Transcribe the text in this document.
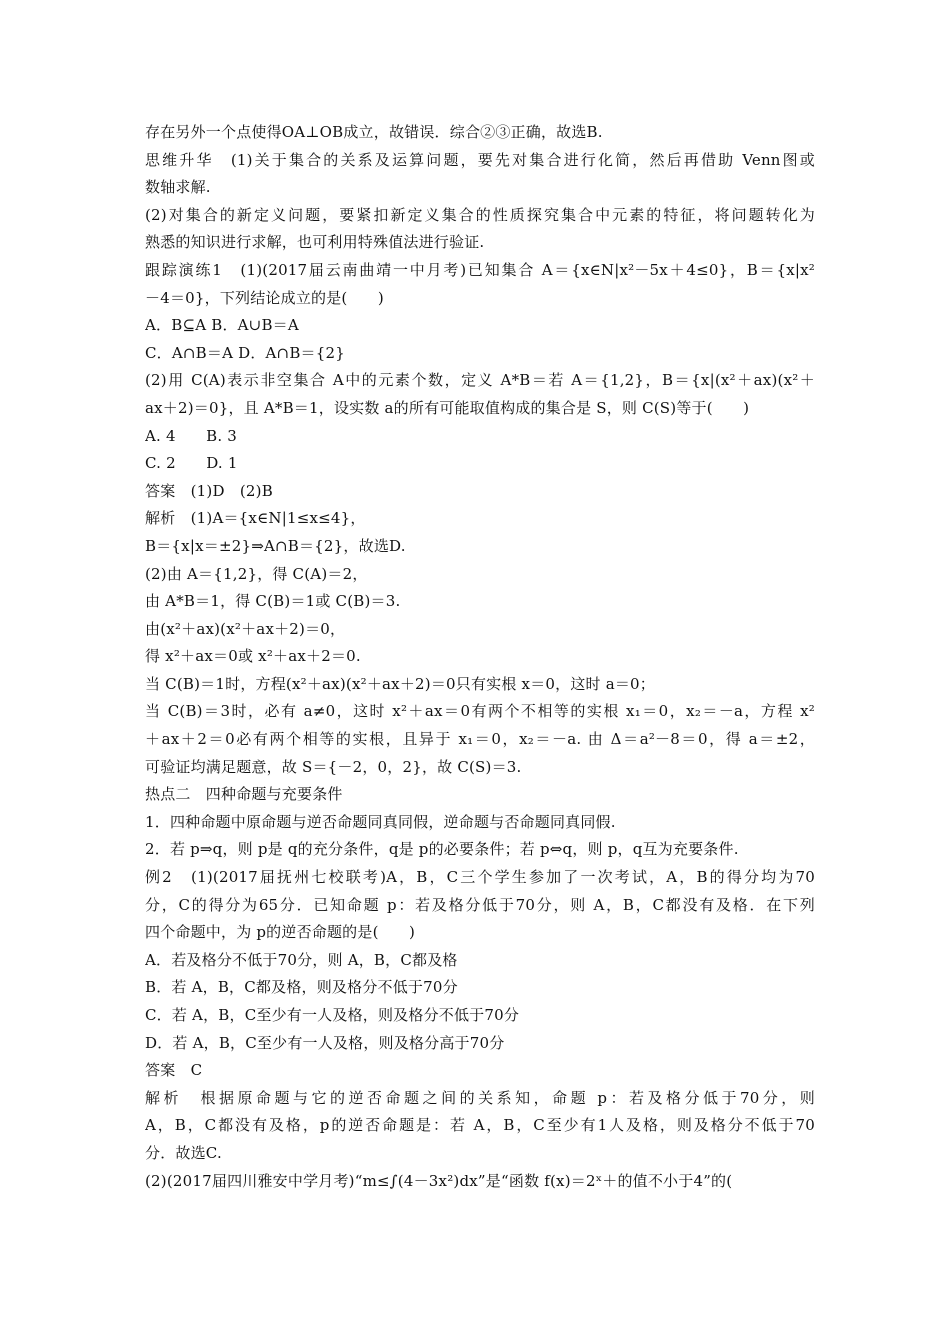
存在另外一个点使得OA⊥OB成立，故错误．综合②③正确，故选B.
思维升华　(1)关于集合的关系及运算问题，要先对集合进行化简，然后再借助 Venn图或
数轴求解.
(2)对集合的新定义问题，要紧扣新定义集合的性质探究集合中元素的特征，将问题转化为
熟悉的知识进行求解，也可利用特殊值法进行验证.
跟踪演练1　(1)(2017届云南曲靖一中月考)已知集合 A＝{x∈N|x²－5x＋4≤0}，B＝{x|x²
－4＝0}，下列结论成立的是(　　)
A．B⊆A B．A∪B＝A
C．A∩B＝A D．A∩B＝{2}
(2)用 C(A)表示非空集合 A中的元素个数，定义 A*B＝若 A＝{1,2}，B＝{x|(x²＋ax)(x²＋
ax＋2)＝0}，且 A*B＝1，设实数 a的所有可能取值构成的集合是 S，则 C(S)等于(　　)
A. 4　　B. 3
C. 2　　D. 1
答案　(1)D　(2)B
解析　(1)A＝{x∈N|1≤x≤4}，
B＝{x|x＝±2}⇒A∩B＝{2}，故选D.
(2)由 A＝{1,2}，得 C(A)＝2，
由 A*B＝1，得 C(B)＝1或 C(B)＝3.
由(x²＋ax)(x²＋ax＋2)＝0，
得 x²＋ax＝0或 x²＋ax＋2＝0.
当 C(B)＝1时，方程(x²＋ax)(x²＋ax＋2)＝0只有实根 x＝0，这时 a＝0；
当 C(B)＝3时，必有 a≠0，这时 x²＋ax＝0有两个不相等的实根 x₁＝0，x₂＝－a，方程 x²
＋ax＋2＝0必有两个相等的实根，且异于 x₁＝0，x₂＝－a. 由 Δ＝a²－8＝0，得 a＝±2，
可验证均满足题意，故 S＝{－2，0，2}，故 C(S)＝3.
热点二　四种命题与充要条件
1．四种命题中原命题与逆否命题同真同假，逆命题与否命题同真同假.
2．若 p⇒q，则 p是 q的充分条件，q是 p的必要条件；若 p⇔q，则 p，q互为充要条件.
例2　(1)(2017届抚州七校联考)A，B，C三个学生参加了一次考试，A，B的得分均为70
分，C的得分为65分．已知命题 p：若及格分低于70分，则 A，B，C都没有及格．在下列
四个命题中，为 p的逆否命题的是(　　)
A．若及格分不低于70分，则 A，B，C都及格
B．若 A，B，C都及格，则及格分不低于70分
C．若 A，B，C至少有一人及格，则及格分不低于70分
D．若 A，B，C至少有一人及格，则及格分高于70分
答案　C
解析　根据原命题与它的逆否命题之间的关系知，命题 p：若及格分低于70分，则
A，B，C都没有及格，p的逆否命题是：若 A，B，C至少有1人及格，则及格分不低于70
分．故选C.
(2)(2017届四川雅安中学月考)“m≤∫(4－3x²)dx”是“函数 f(x)＝2ˣ＋的值不小于4”的(
